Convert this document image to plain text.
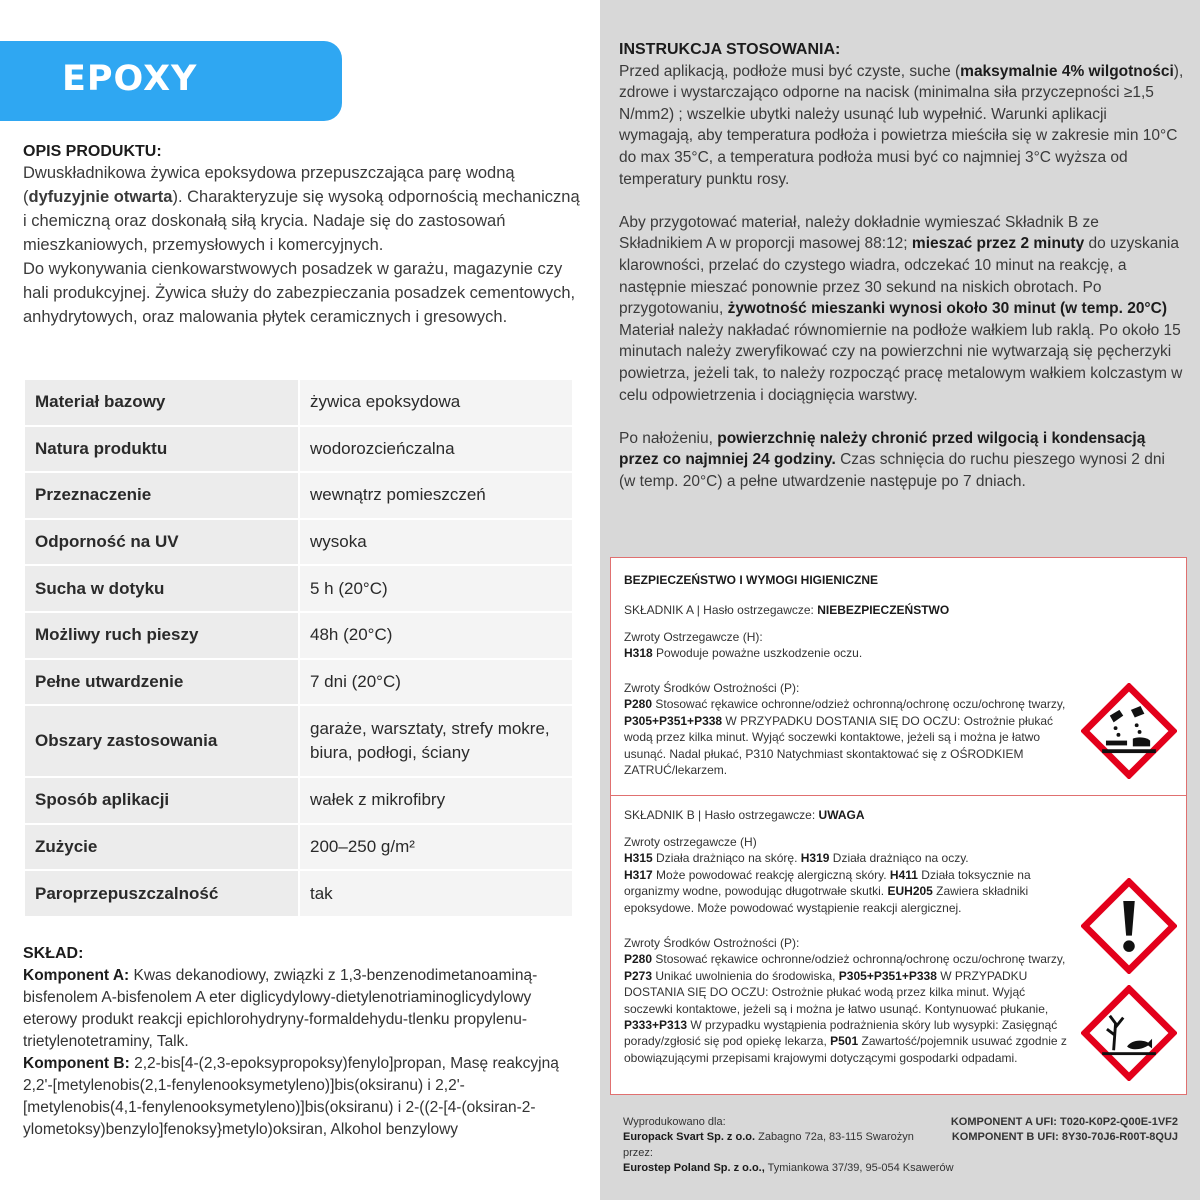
EPOXY
OPIS PRODUKTU:
Dwuskładnikowa żywica epoksydowa przepuszczająca parę wodną (dyfuzyjnie otwarta). Charakteryzuje się wysoką odpornością mechaniczną i chemiczną oraz doskonałą siłą krycia. Nadaje się do zastosowań mieszkaniowych, przemysłowych i komercyjnych.
Do wykonywania cienkowarstwowych posadzek w garażu, magazynie czy hali produkcyjnej. Żywica służy do zabezpieczania posadzek cementowych, anhydrytowych, oraz malowania płytek ceramicznych i gresowych.
Materiał bazowy	żywica epoksydowa
Natura produktu	wodorozcieńczalna
Przeznaczenie	wewnątrz pomieszczeń
Odporność na UV	wysoka
Sucha w dotyku	5 h (20°C)
Możliwy ruch pieszy	48h (20°C)
Pełne utwardzenie	7 dni (20°C)
Obszary zastosowania	garaże, warsztaty, strefy mokre, biura, podłogi, ściany
Sposób aplikacji	wałek z mikrofibry
Zużycie	200–250 g/m²
Paroprzepuszczalność	tak
SKŁAD:
Komponent A: Kwas dekanodiowy, związki z 1,3-benzenodimetanoaminą-bisfenolem A-bisfenolem A eter diglicydylowy-dietylenotriaminoglicydylowy eterowy produkt reakcji epichlorohydryny-formaldehydu-tlenku propylenu-trietylenotetraminy, Talk.
Komponent B: 2,2-bis[4-(2,3-epoksypropoksy)fenylo]propan, Masę reakcyjną 2,2'-[metylenobis(2,1-fenylenooksymetyleno)]bis(oksiranu) i 2,2'-[metylenobis(4,1-fenylenooksymetyleno)]bis(oksiranu) i 2-((2-[4-(oksiran-2-ylometoksy)benzylo]fenoksy}metylo)oksiran, Alkohol benzylowy
INSTRUKCJA STOSOWANIA:

Przed aplikacją, podłoże musi być czyste, suche (maksymalnie 4% wilgotności), zdrowe i wystarczająco odporne na nacisk (minimalna siła przyczepności ≥1,5 N/mm2) ; wszelkie ubytki należy usunąć lub wypełnić. Warunki aplikacji wymagają, aby temperatura podłoża i powietrza mieściła się w zakresie min 10°C do max 35°C, a temperatura podłoża musi być co najmniej 3°C wyższa od temperatury punktu rosy.

Aby przygotować materiał, należy dokładnie wymieszać Składnik B ze Składnikiem A w proporcji masowej 88:12; mieszać przez 2 minuty do uzyskania klarowności, przelać do czystego wiadra, odczekać 10 minut na reakcję, a następnie mieszać ponownie przez 30 sekund na niskich obrotach. Po przygotowaniu, żywotność mieszanki wynosi około 30 minut (w temp. 20°C) Materiał należy nakładać równomiernie na podłoże wałkiem lub raklą. Po około 15 minutach należy zweryfikować czy na powierzchni nie wytwarzają się pęcherzyki powietrza, jeżeli tak, to należy rozpocząć pracę metalowym wałkiem kolczastym w celu odpowietrzenia i dociągnięcia warstwy.

Po nałożeniu, powierzchnię należy chronić przed wilgocią i kondensacją przez co najmniej 24 godziny. Czas schnięcia do ruchu pieszego wynosi 2 dni (w temp. 20°C) a pełne utwardzenie następuje po 7 dniach.

BEZPIECZEŃSTWO I WYMOGI HIGIENICZNE
SKŁADNIK A | Hasło ostrzegawcze: NIEBEZPIECZEŃSTWO
Zwroty Ostrzegawcze (H):
H318 Powoduje poważne uszkodzenie oczu.
Zwroty Środków Ostrożności (P):
P280 Stosować rękawice ochronne/odzież ochronną/ochronę oczu/ochronę twarzy, P305+P351+P338 W PRZYPADKU DOSTANIA SIĘ DO OCZU: Ostrożnie płukać wodą przez kilka minut. Wyjąć soczewki kontaktowe, jeżeli są i można je łatwo usunąć. Nadal płukać, P310 Natychmiast skontaktować się z OŚRODKIEM ZATRUĆ/lekarzem.
SKŁADNIK B | Hasło ostrzegawcze: UWAGA
Zwroty ostrzegawcze (H)
H315 Działa drażniąco na skórę. H319 Działa drażniąco na oczy.
H317 Może powodować reakcję alergiczną skóry. H411 Działa toksycznie na organizmy wodne, powodując długotrwałe skutki. EUH205 Zawiera składniki epoksydowe. Może powodować wystąpienie reakcji alergicznej.
Zwroty Środków Ostrożności (P):
P280 Stosować rękawice ochronne/odzież ochronną/ochronę oczu/ochronę twarzy, P273 Unikać uwolnienia do środowiska, P305+P351+P338 W PRZYPADKU DOSTANIA SIĘ DO OCZU: Ostrożnie płukać wodą przez kilka minut. Wyjąć soczewki kontaktowe, jeżeli są i można je łatwo usunąć. Kontynuować płukanie, P333+P313 W przypadku wystąpienia podrażnienia skóry lub wysypki: Zasięgnąć porady/zgłosić się pod opiekę lekarza, P501 Zawartość/pojemnik usuwać zgodnie z obowiązującymi przepisami krajowymi dotyczącymi gospodarki odpadami.
Wyprodukowano dla:
Europack Svart Sp. z o.o. Zabagno 72a, 83-115 Swarożyn
przez:
Eurostep Poland Sp. z o.o., Tymiankowa 37/39, 95-054 Ksawerów
KOMPONENT A UFI: T020-K0P2-Q00E-1VF2
KOMPONENT B UFI: 8Y30-70J6-R00T-8QUJ
